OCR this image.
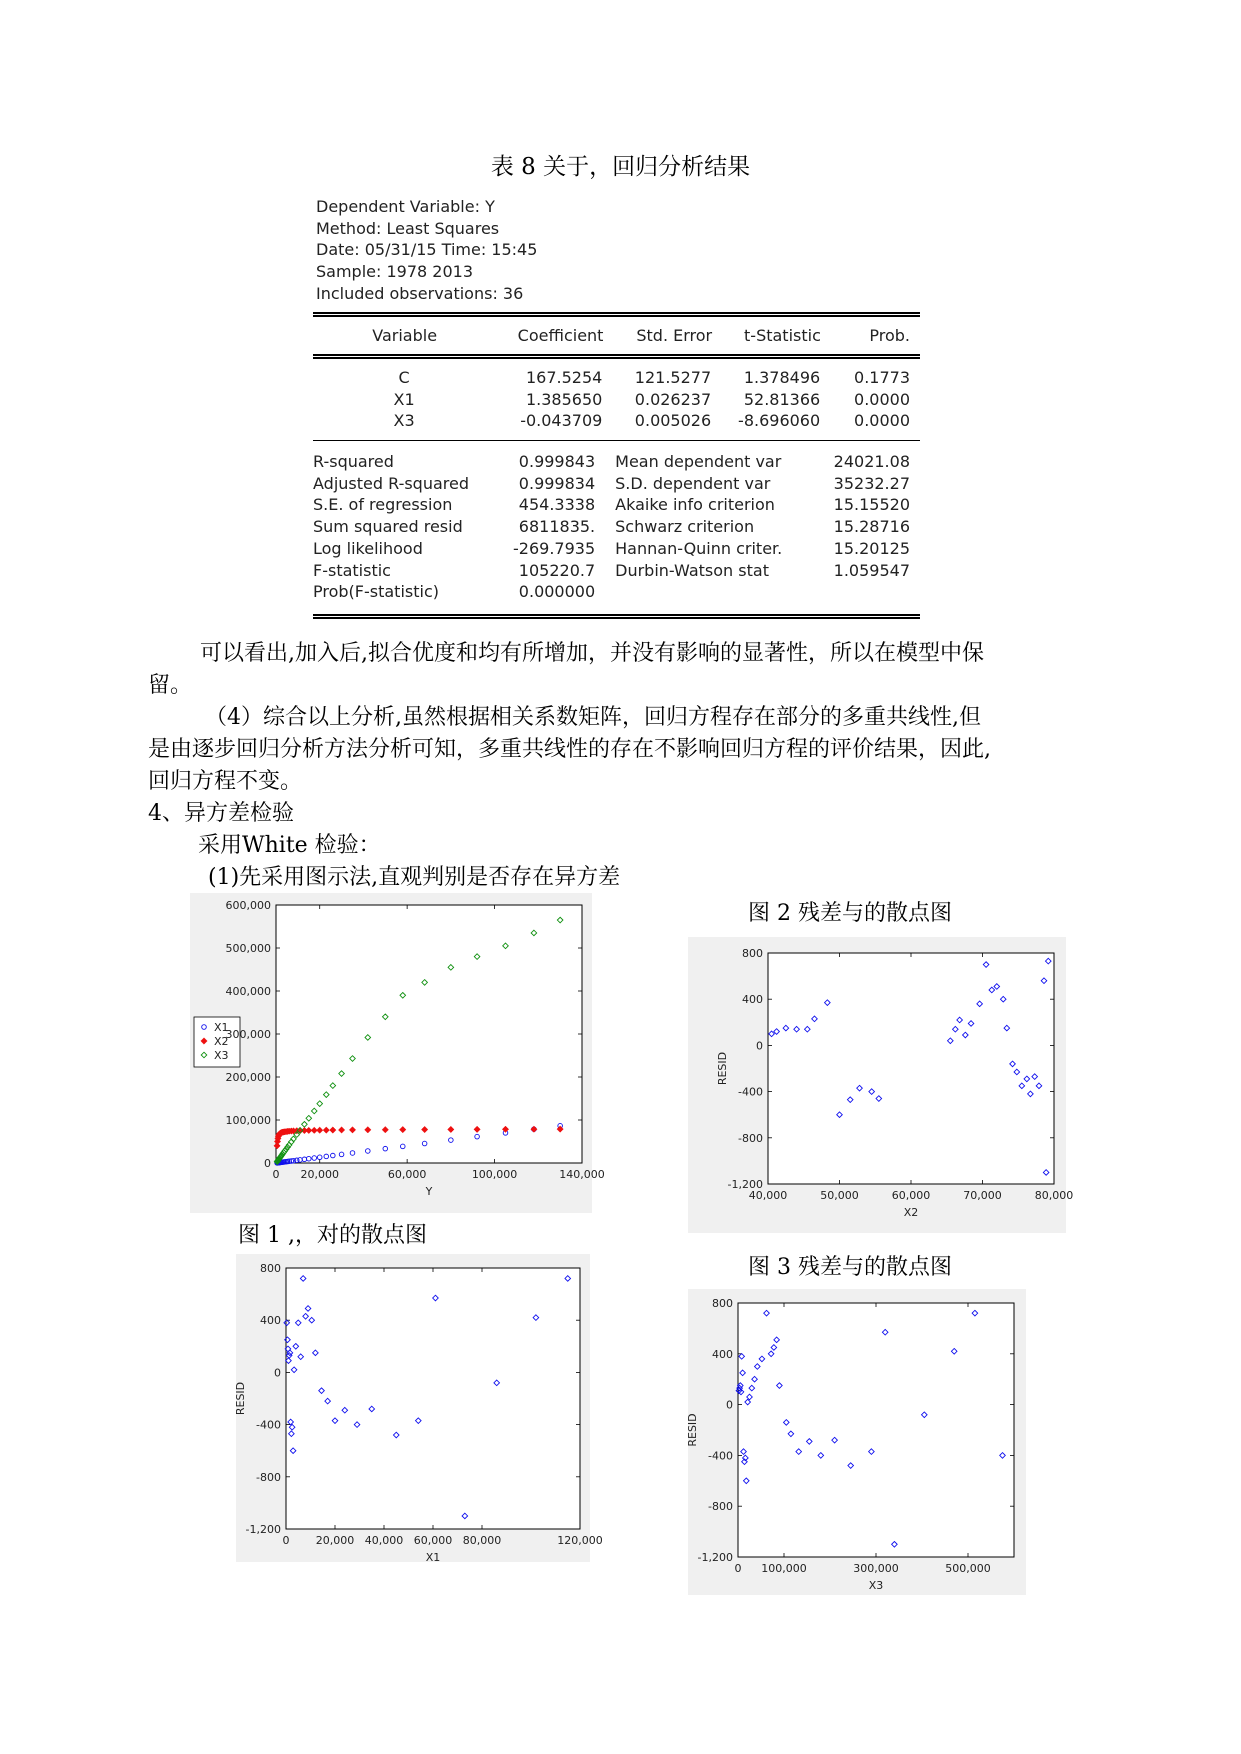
表 8 关于，回归分析结果
Dependent Variable: Y
Method: Least Squares
Date: 05/31/15 Time: 15:45
Sample: 1978 2013
Included observations: 36
Variable	Coefficient	Std. Error	t-Statistic	Prob.
C	167.5254	121.5277	1.378496	0.1773
X1	1.385650	0.026237	52.81366	0.0000
X3	-0.043709	0.005026	-8.696060	0.0000
R-squared	0.999843	Mean dependent var	24021.08
Adjusted R-squared	0.999834	S.D. dependent var	35232.27
S.E. of regression	454.3338	Akaike info criterion	15.15520
Sum squared resid	6811835.	Schwarz criterion	15.28716
Log likelihood	-269.7935	Hannan-Quinn criter.	15.20125
F-statistic	105220.7	Durbin-Watson stat	1.059547
Prob(F-statistic)	0.000000		
可以看出,加入后,拟合优度和均有所增加，并没有影响的显著性，所以在模型中保
留。
（4）综合以上分析,虽然根据相关系数矩阵，回归方程存在部分的多重共线性,但
是由逐步回归分析方法分析可知，多重共线性的存在不影响回归方程的评价结果，因此,
回归方程不变。
4、异方差检验
采用White 检验：
(1)先采用图示法,直观判别是否存在异方差
图 2 残差与的散点图
图 1 ,，对的散点图
图 3 残差与的散点图
X1
X2
X3
0
100,000
200,000
300,000
400,000
500,000
600,000
0 20,000	60,000	100,000	140,000
Y
-1,200
-800
-400
0
400
800
40,000	50,000	60,000	70,000	80,000
X2
RESID
-1,200
-800
-400
0
400
800
0 20,000 40,000 60,000 80,000	120,000
X1
RESID
-1,200
-800
-400
0
400
800
0 100,000	300,000	500,000
X3
RESID
